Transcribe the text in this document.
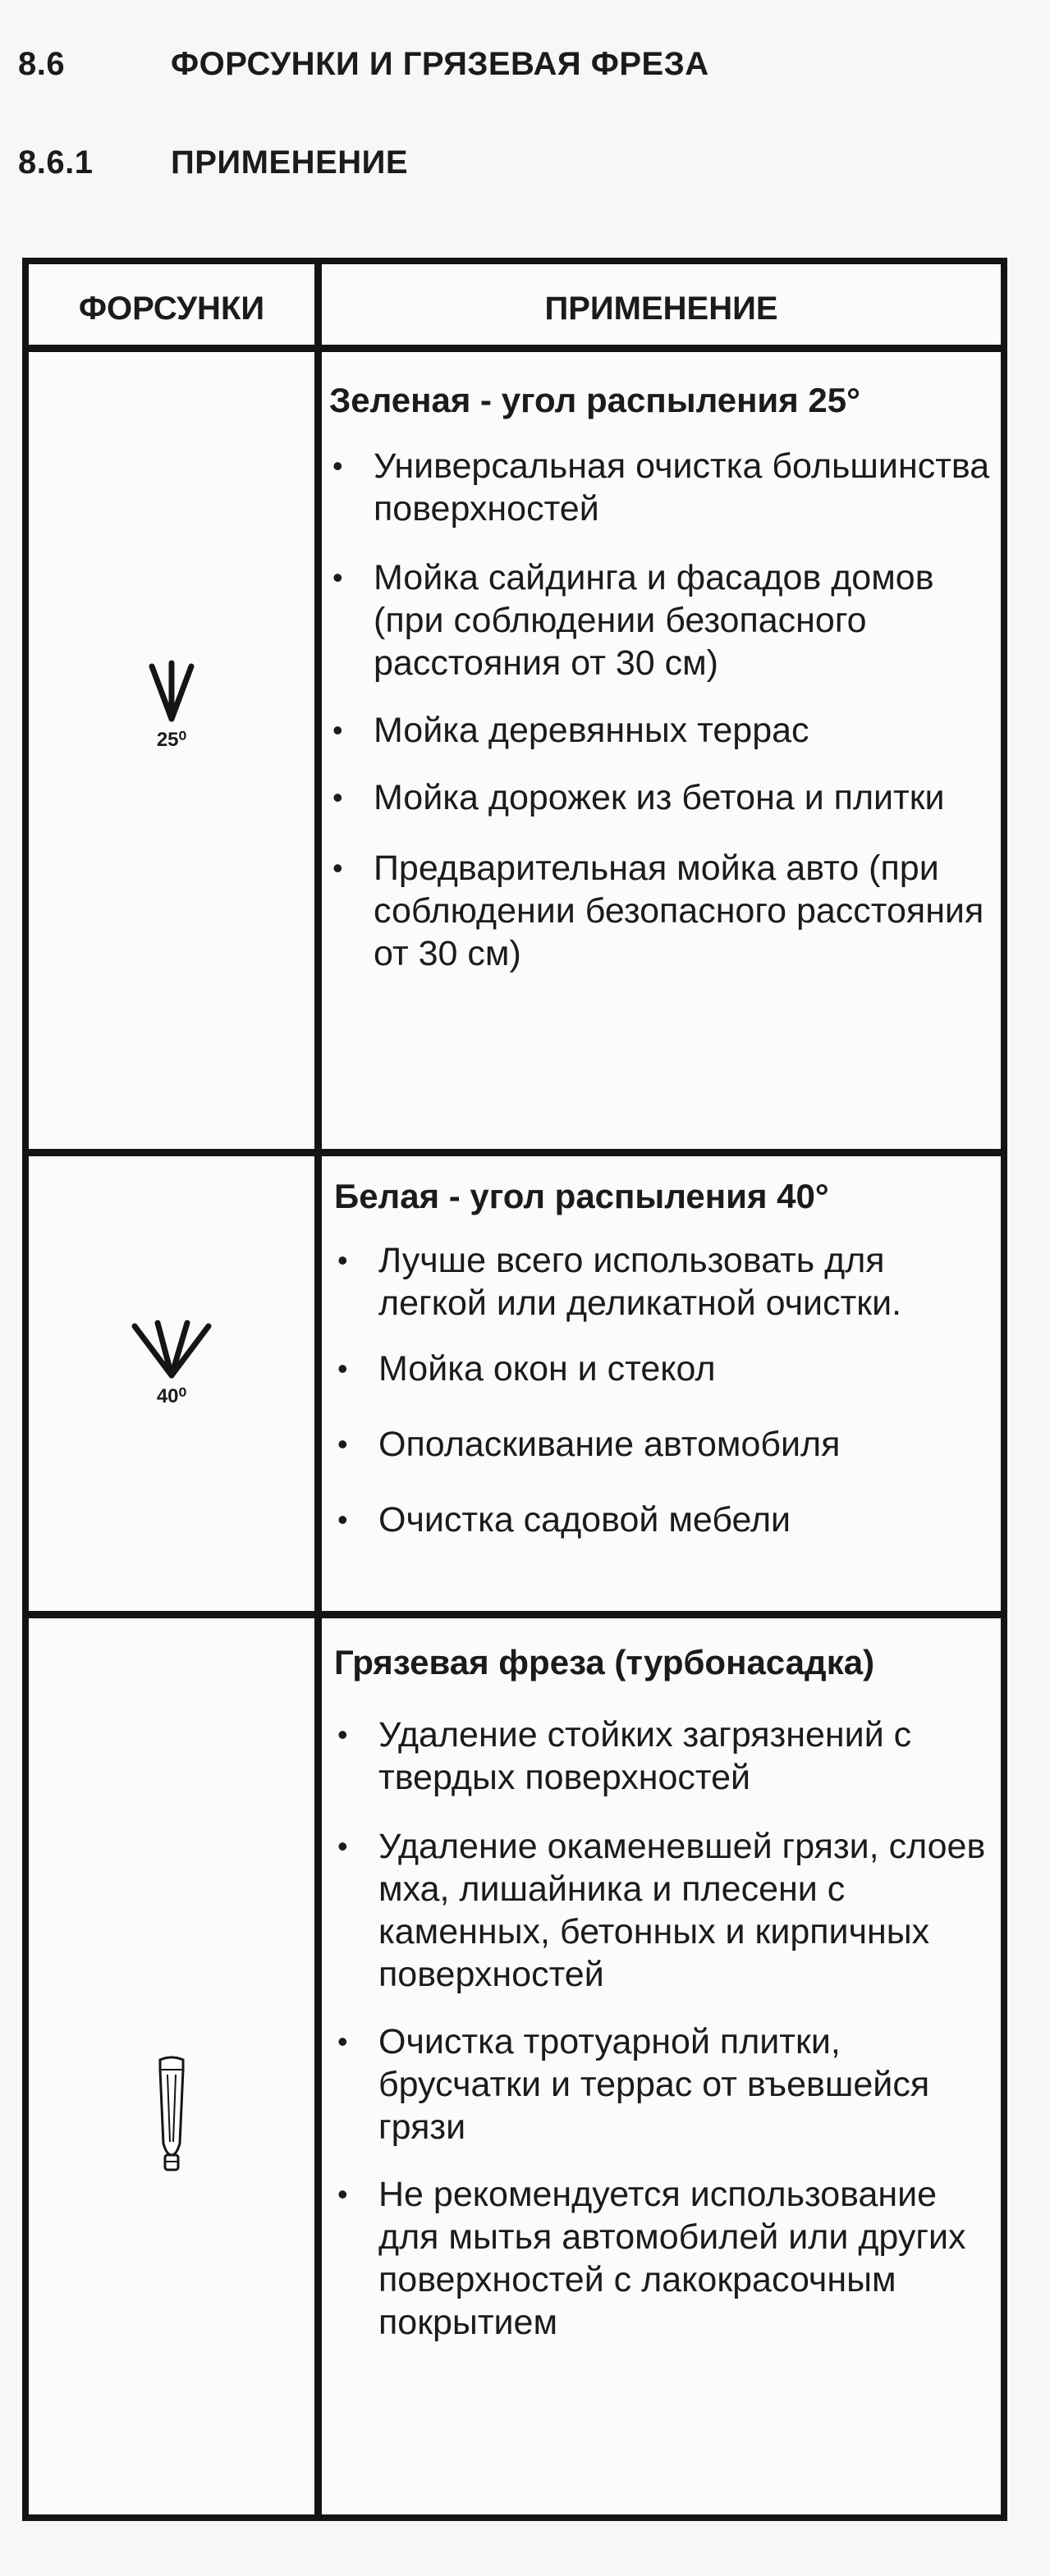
8.6	ФОРСУНКИ И ГРЯЗЕВАЯ ФРЕЗА
8.6.1 ПРИМЕНЕНИЕ
ФОРСУНКИ	ПРИМЕНЕНИЕ
25⁰
Зеленая - угол распыления 25°
• Универсальная очистка большинства поверхностей
• Мойка сайдинга и фасадов домов (при соблюдении безопасного расстояния от 30 см)
• Мойка деревянных террас
• Мойка дорожек из бетона и плитки
• Предварительная мойка авто (при соблюдении безопасного расстояния от 30 см)
40⁰
Белая - угол распыления 40°
• Лучше всего использовать для легкой или деликатной очистки.
• Мойка окон и стекол
• Ополаскивание автомобиля
• Очистка садовой мебели
Грязевая фреза (турбонасадка)
• Удаление стойких загрязнений с твердых поверхностей
• Удаление окаменевшей грязи, слоев мха, лишайника и плесени с каменных, бетонных и кирпичных поверхностей
• Очистка тротуарной плитки, брусчатки и террас от въевшейся грязи
• Не рекомендуется использование для мытья автомобилей или других поверхностей с лакокрасочным покрытием
